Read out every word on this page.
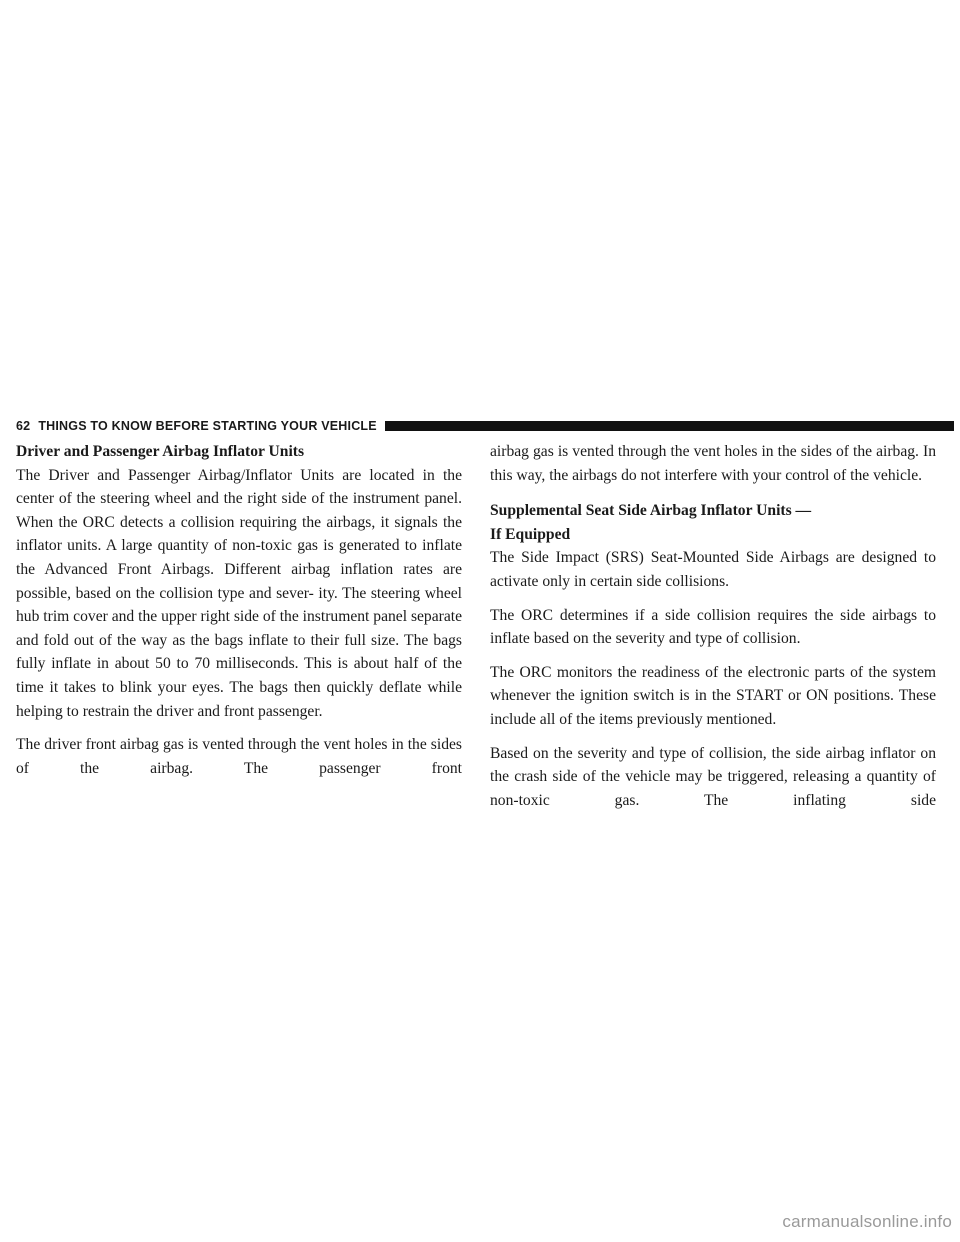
62 THINGS TO KNOW BEFORE STARTING YOUR VEHICLE
Driver and Passenger Airbag Inflator Units

The Driver and Passenger Airbag/Inflator Units are located in the center of the steering wheel and the right side of the instrument panel. When the ORC detects a collision requiring the airbags, it signals the inflator units. A large quantity of non-toxic gas is generated to inflate the Advanced Front Airbags. Different airbag inflation rates are possible, based on the collision type and sever- ity. The steering wheel hub trim cover and the upper right side of the instrument panel separate and fold out of the way as the bags inflate to their full size. The bags fully inflate in about 50 to 70 milliseconds. This is about half of the time it takes to blink your eyes. The bags then quickly deflate while helping to restrain the driver and front passenger.

The driver front airbag gas is vented through the vent holes in the sides of the airbag. The passenger front

airbag gas is vented through the vent holes in the sides of the airbag. In this way, the airbags do not interfere with your control of the vehicle.

Supplemental Seat Side Airbag Inflator Units —
If Equipped

The Side Impact (SRS) Seat-Mounted Side Airbags are designed to activate only in certain side collisions.

The ORC determines if a side collision requires the side airbags to inflate based on the severity and type of collision.

The ORC monitors the readiness of the electronic parts of the system whenever the ignition switch is in the START or ON positions. These include all of the items previously mentioned.

Based on the severity and type of collision, the side airbag inflator on the crash side of the vehicle may be triggered, releasing a quantity of non-toxic gas. The inflating side

carmanualsonline.info
